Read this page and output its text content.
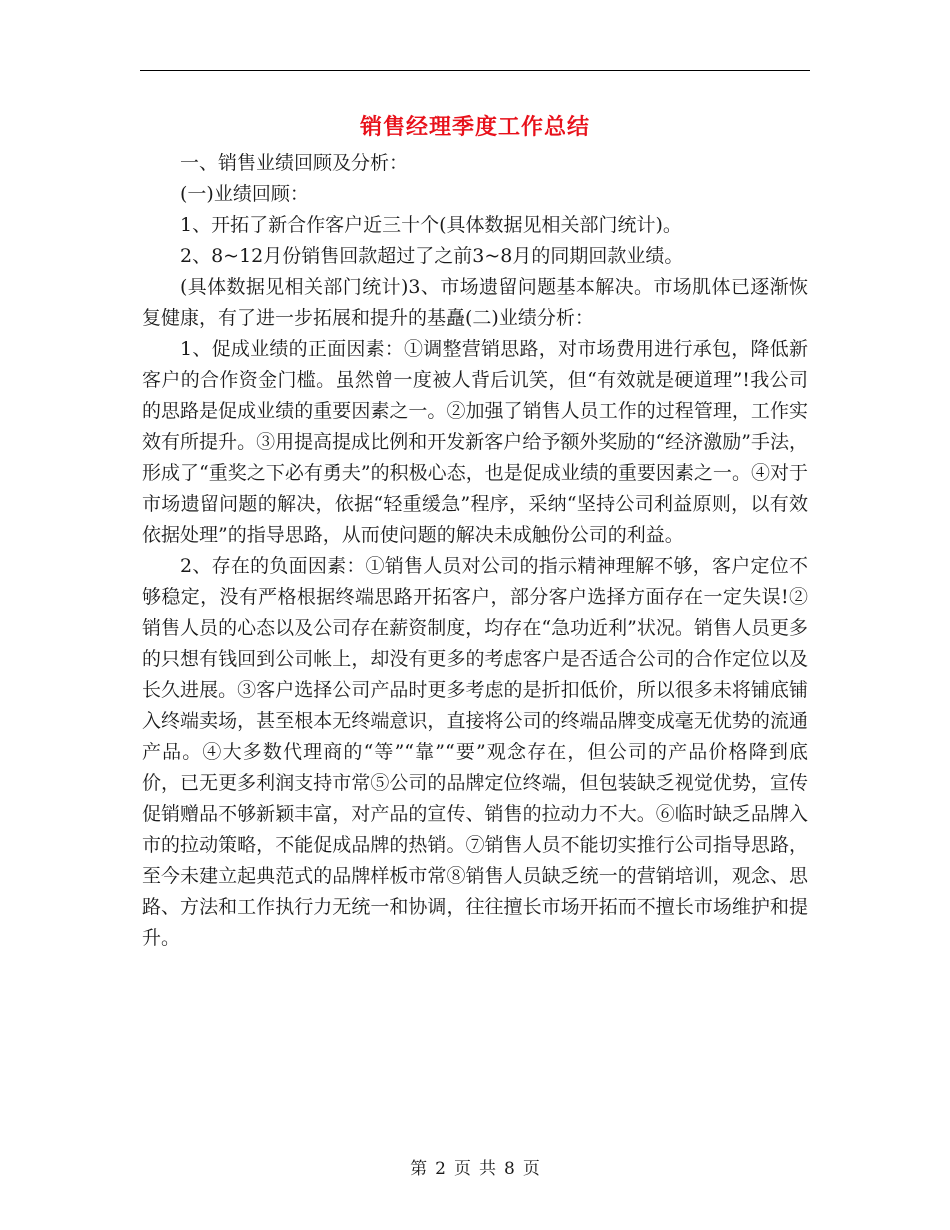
销售经理季度工作总结

一、销售业绩回顾及分析：

(一)业绩回顾：

1、开拓了新合作客户近三十个(具体数据见相关部门统计)。

2、8~12月份销售回款超过了之前3~8月的同期回款业绩。

(具体数据见相关部门统计)3、市场遗留问题基本解决。市场肌体已逐渐恢复健康，有了进一步拓展和提升的基矗(二)业绩分析：

1、促成业绩的正面因素：①调整营销思路，对市场费用进行承包，降低新客户的合作资金门槛。虽然曾一度被人背后讥笑，但“有效就是硬道理”!我公司的思路是促成业绩的重要因素之一。②加强了销售人员工作的过程管理，工作实效有所提升。③用提高提成比例和开发新客户给予额外奖励的“经济激励”手法，形成了“重奖之下必有勇夫”的积极心态，也是促成业绩的重要因素之一。④对于市场遗留问题的解决，依据“轻重缓急”程序，采纳“坚持公司利益原则，以有效依据处理”的指导思路，从而使问题的解决未成触份公司的利益。

2、存在的负面因素：①销售人员对公司的指示精神理解不够，客户定位不够稳定，没有严格根据终端思路开拓客户，部分客户选择方面存在一定失误!② 销售人员的心态以及公司存在薪资制度，均存在“急功近利”状况。销售人员更多的只想有钱回到公司帐上，却没有更多的考虑客户是否适合公司的合作定位以及长久进展。③客户选择公司产品时更多考虑的是折扣低价，所以很多未将铺底铺入终端卖场，甚至根本无终端意识，直接将公司的终端品牌变成毫无优势的流通产品。④大多数代理商的“等”“靠”“要”观念存在，但公司的产品价格降到底价，已无更多利润支持市常⑤公司的品牌定位终端，但包装缺乏视觉优势，宣传促销赠品不够新颖丰富，对产品的宣传、销售的拉动力不大。⑥临时缺乏品牌入市的拉动策略，不能促成品牌的热销。⑦销售人员不能切实推行公司指导思路，至今未建立起典范式的品牌样板市常⑧销售人员缺乏统一的营销培训，观念、思路、方法和工作执行力无统一和协调，往往擅长市场开拓而不擅长市场维护和提升。

第 2 页 共 8 页
